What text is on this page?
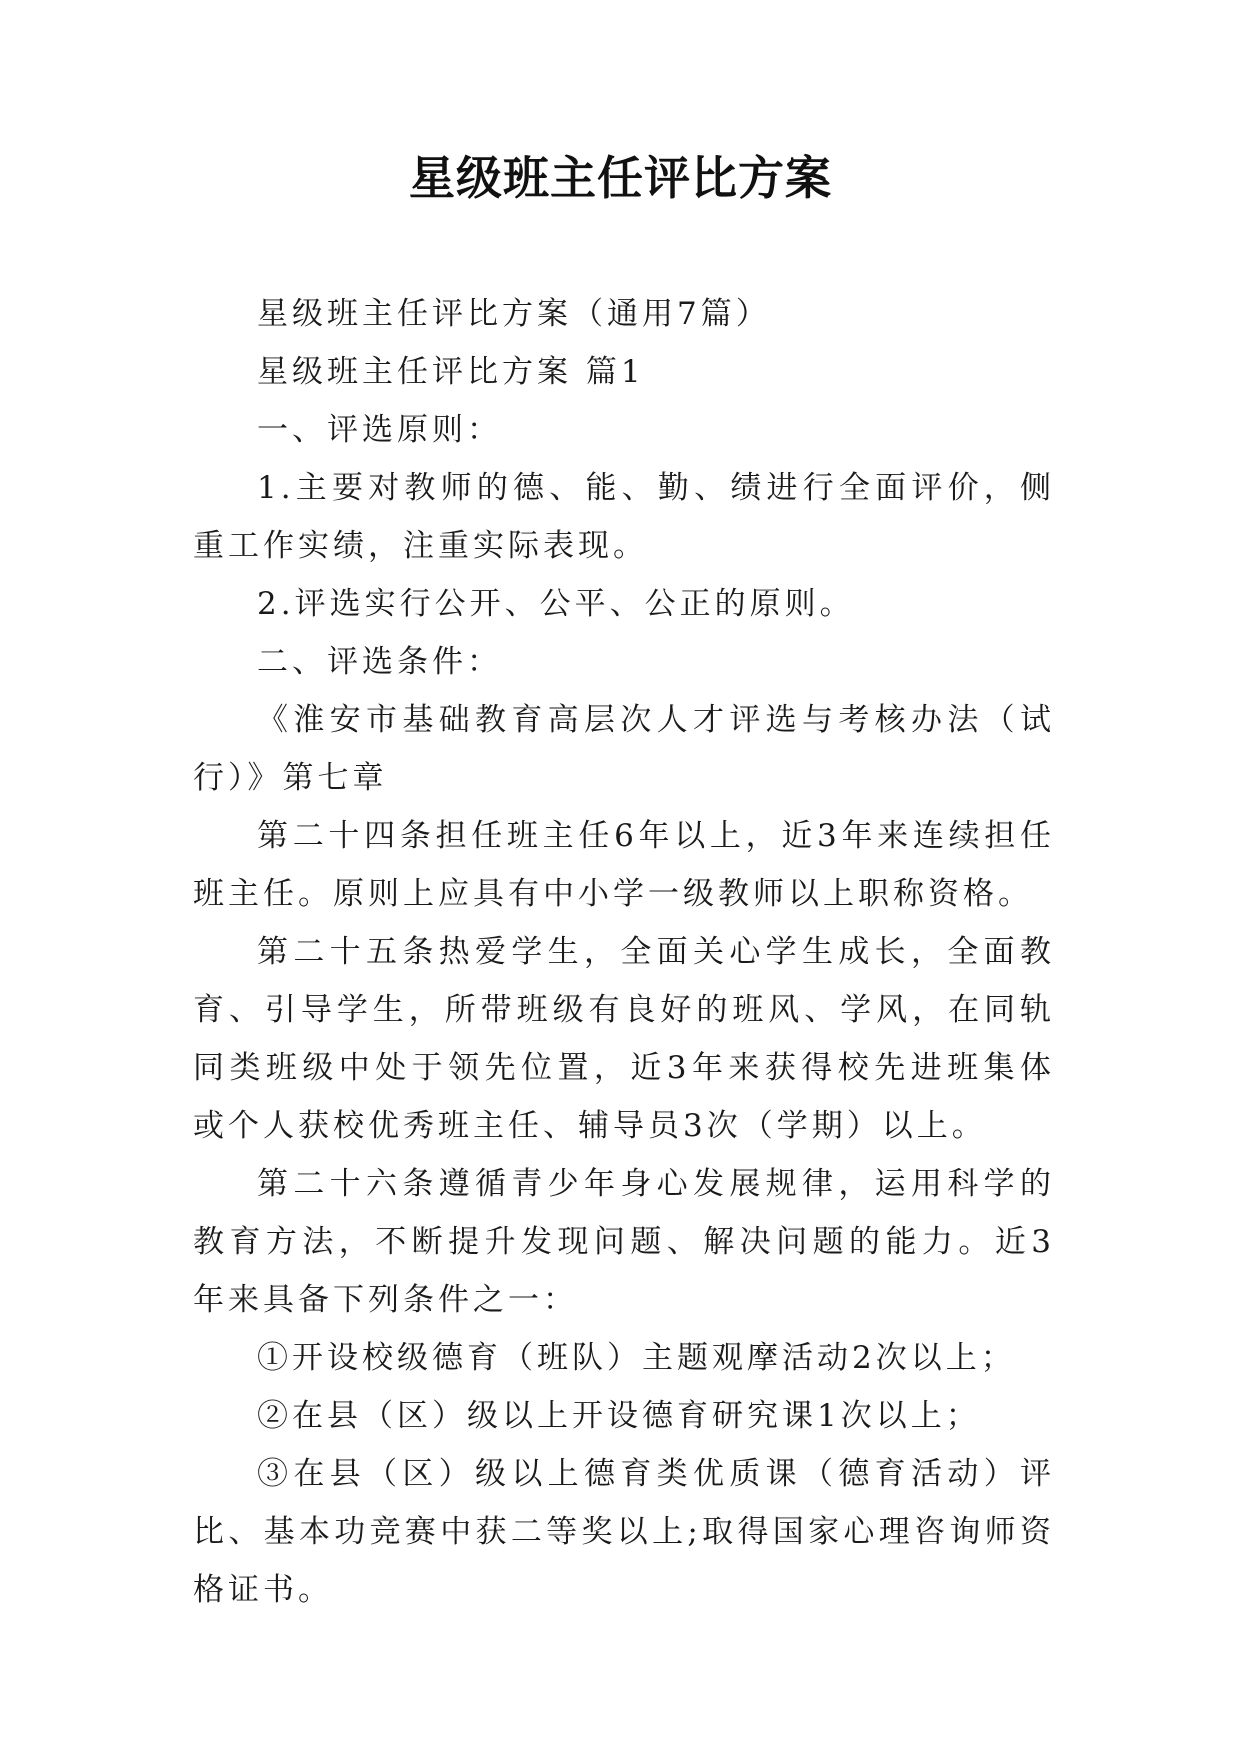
星级班主任评比方案

星级班主任评比方案（通用7篇）

星级班主任评比方案 篇1

一、评选原则：

1.主要对教师的德、能、勤、绩进行全面评价，侧重工作实绩，注重实际表现。

2.评选实行公开、公平、公正的原则。

二、评选条件：

《淮安市基础教育高层次人才评选与考核办法（试行）》第七章

第二十四条担任班主任6年以上，近3年来连续担任班主任。原则上应具有中小学一级教师以上职称资格。

第二十五条热爱学生，全面关心学生成长，全面教育、引导学生，所带班级有良好的班风、学风，在同轨同类班级中处于领先位置，近3年来获得校先进班集体或个人获校优秀班主任、辅导员3次（学期）以上。

第二十六条遵循青少年身心发展规律，运用科学的教育方法，不断提升发现问题、解决问题的能力。近3年来具备下列条件之一：

①开设校级德育（班队）主题观摩活动2次以上；

②在县（区）级以上开设德育研究课1次以上；

③在县（区）级以上德育类优质课（德育活动）评比、基本功竞赛中获二等奖以上;取得国家心理咨询师资格证书。
